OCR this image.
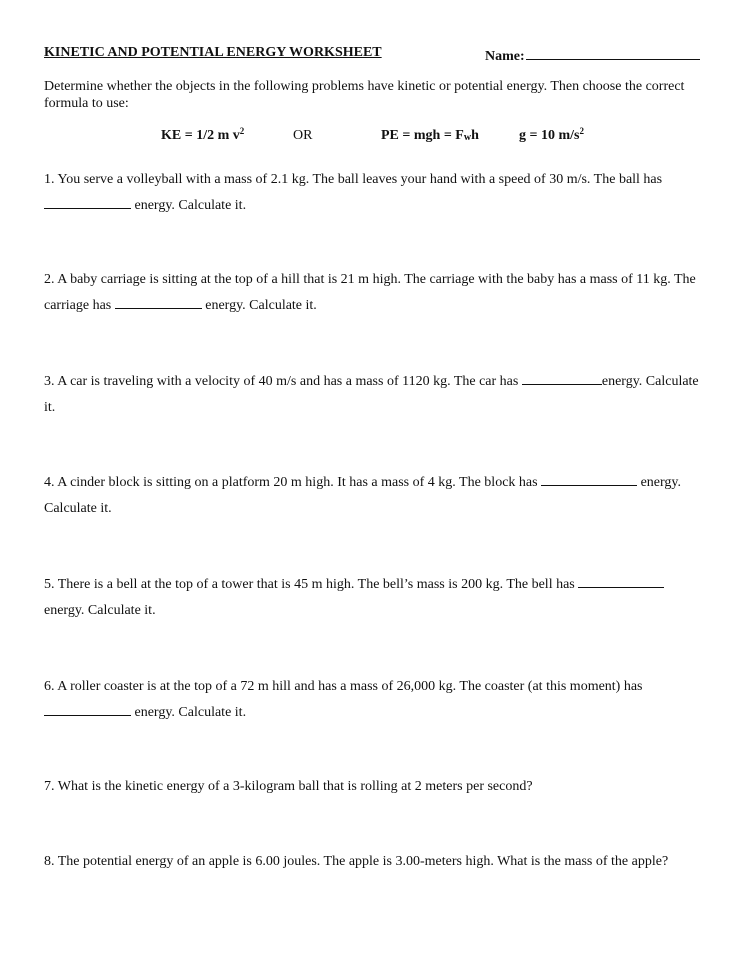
KINETIC AND POTENTIAL ENERGY WORKSHEET	Name:
Determine whether the objects in the following problems have kinetic or potential energy. Then choose the correct formula to use:
KE = 1/2 m $v^2$	OR	PE = mgh = $F_wh$	g = 10 $m/s^2$
1. You serve a volleyball with a mass of 2.1 kg. The ball leaves your hand with a speed of 30 m/s. The ball has  energy. Calculate it.
2. A baby carriage is sitting at the top of a hill that is 21 m high. The carriage with the baby has a mass of 11 kg. The carriage has	energy. Calculate it.
3. A car is traveling with a velocity of 40 m/s and has a mass of 1120 kg. The car has	energy. Calculate it.
4. A cinder block is sitting on a platform 20 m high. It has a mass of 4 kg. The block has	energy. Calculate it.
5. There is a bell at the top of a tower that is 45 m high. The bell’s mass is 200 kg. The bell has  energy. Calculate it.
6. A roller coaster is at the top of a 72 m hill and has a mass of 26,000 kg. The coaster (at this moment) has  energy. Calculate it.
7. What is the kinetic energy of a 3-kilogram ball that is rolling at 2 meters per second?
8. The potential energy of an apple is 6.00 joules. The apple is 3.00-meters high. What is the mass of the apple?
